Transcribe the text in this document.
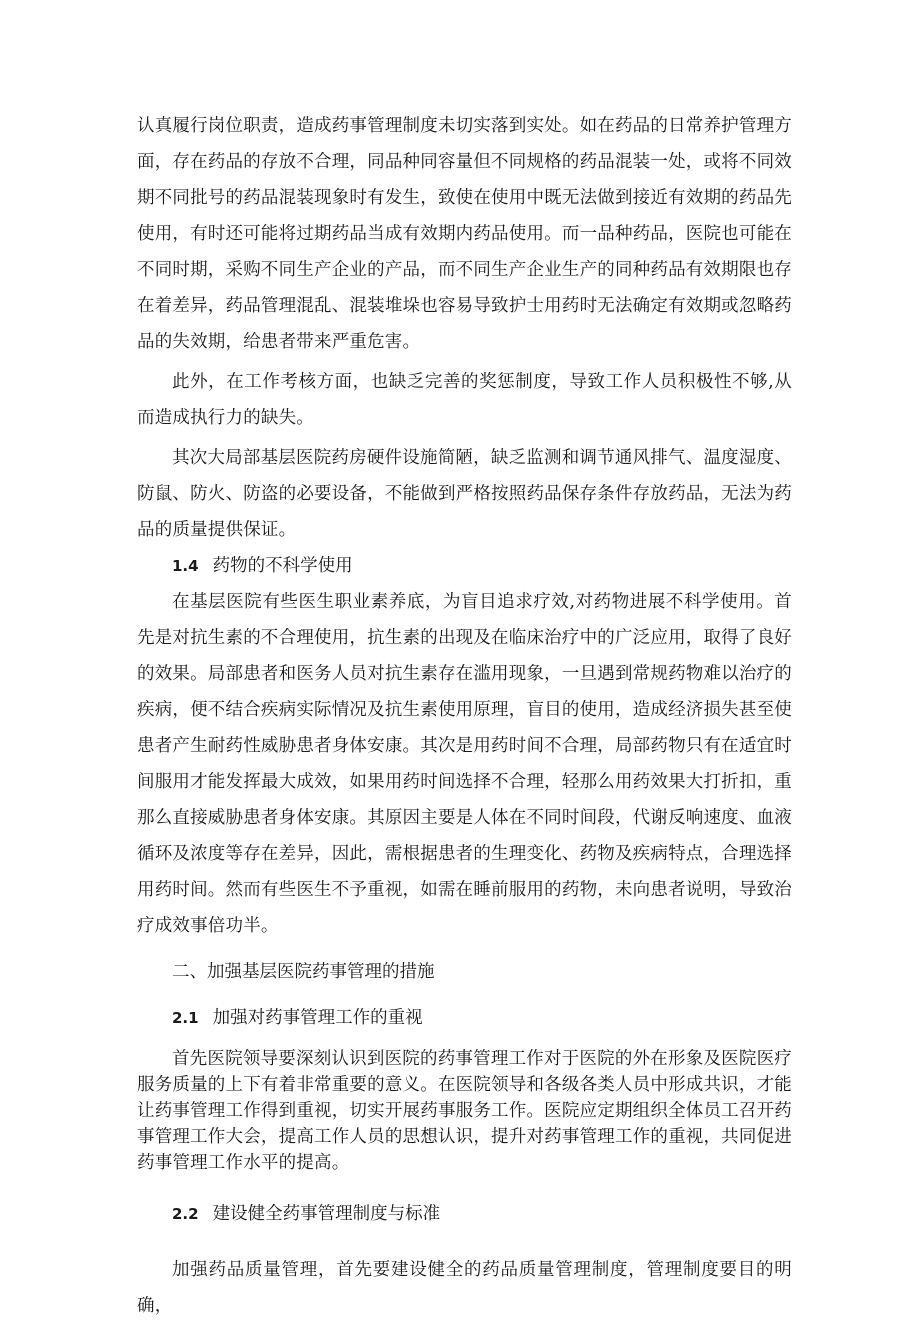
认真履行岗位职责，造成药事管理制度未切实落到实处。如在药品的日常养护管理方面，存在药品的存放不合理，同品种同容量但不同规格的药品混装一处，或将不同效期不同批号的药品混装现象时有发生，致使在使用中既无法做到接近有效期的药品先使用，有时还可能将过期药品当成有效期内药品使用。而一品种药品，医院也可能在不同时期，采购不同生产企业的产品，而不同生产企业生产的同种药品有效期限也存在着差异，药品管理混乱、混装堆垛也容易导致护士用药时无法确定有效期或忽略药品的失效期，给患者带来严重危害。

此外，在工作考核方面，也缺乏完善的奖惩制度，导致工作人员积极性不够,从而造成执行力的缺失。

其次大局部基层医院药房硬件设施简陋，缺乏监测和调节通风排气、温度湿度、防鼠、防火、防盗的必要设备，不能做到严格按照药品保存条件存放药品，无法为药品的质量提供保证。

1.4 药物的不科学使用

在基层医院有些医生职业素养底，为盲目追求疗效,对药物进展不科学使用。首先是对抗生素的不合理使用，抗生素的出现及在临床治疗中的广泛应用，取得了良好的效果。局部患者和医务人员对抗生素存在滥用现象，一旦遇到常规药物难以治疗的疾病，便不结合疾病实际情况及抗生素使用原理，盲目的使用，造成经济损失甚至使患者产生耐药性威胁患者身体安康。其次是用药时间不合理，局部药物只有在适宜时间服用才能发挥最大成效，如果用药时间选择不合理，轻那么用药效果大打折扣，重那么直接威胁患者身体安康。其原因主要是人体在不同时间段，代谢反响速度、血液循环及浓度等存在差异，因此，需根据患者的生理变化、药物及疾病特点，合理选择用药时间。然而有些医生不予重视，如需在睡前服用的药物，未向患者说明，导致治疗成效事倍功半。

二、加强基层医院药事管理的措施
2.1 加强对药事管理工作的重视

首先医院领导要深刻认识到医院的药事管理工作对于医院的外在形象及医院医疗服务质量的上下有着非常重要的意义。在医院领导和各级各类人员中形成共识，才能让药事管理工作得到重视，切实开展药事服务工作。医院应定期组织全体员工召开药事管理工作大会，提高工作人员的思想认识，提升对药事管理工作的重视，共同促进药事管理工作水平的提高。

2.2 建设健全药事管理制度与标准

加强药品质量管理，首先要建设健全的药品质量管理制度，管理制度要目的明确，
